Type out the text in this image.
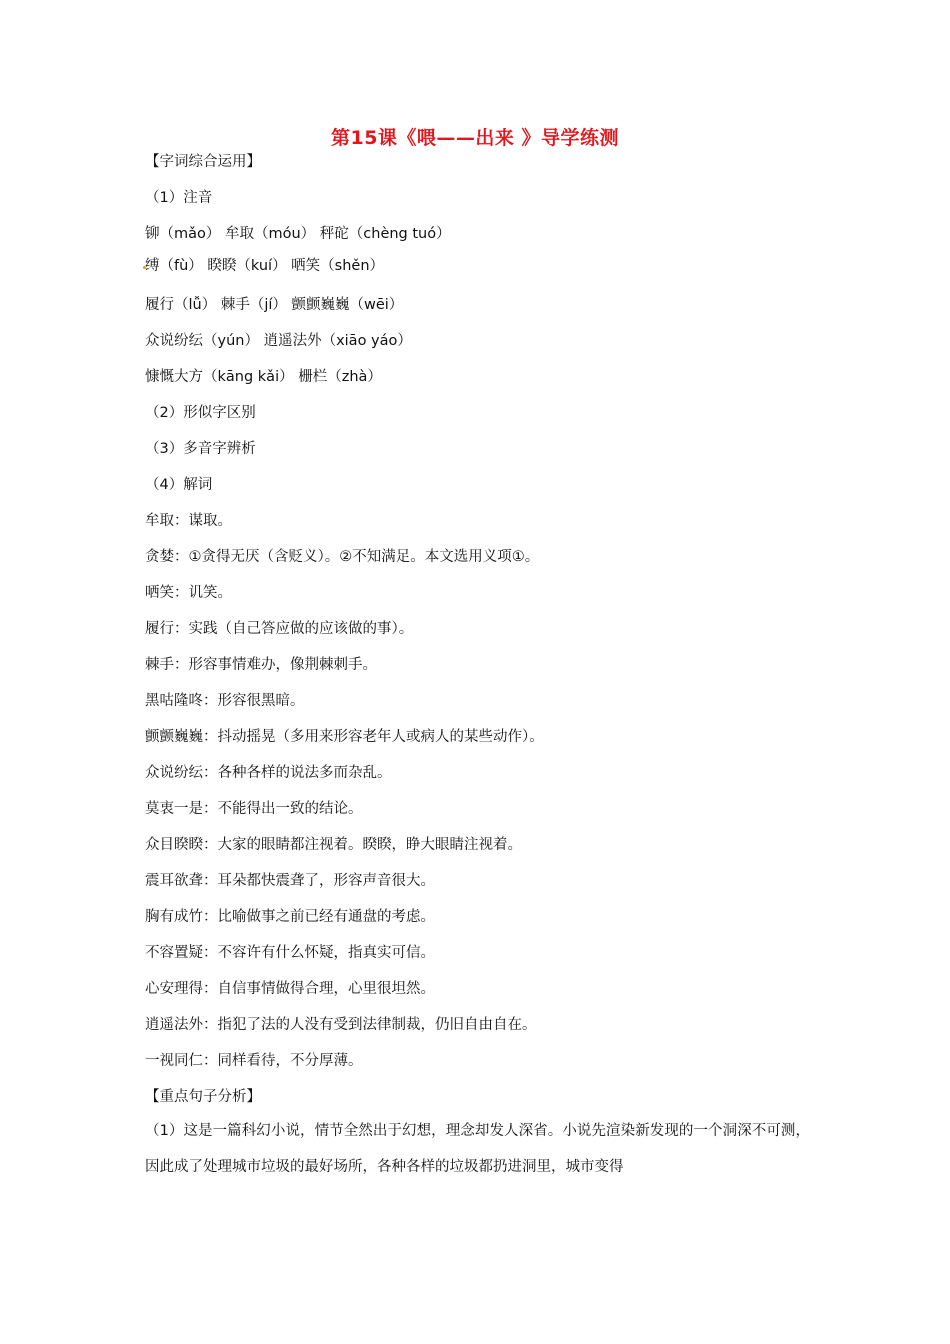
第15课《喂——出来 》导学练测
【字词综合运用】
（1）注音
铆（mǎo） 牟取（móu） 秤砣（chèng tuó）
缚（fù） 睽睽（kuí） 哂笑（shěn）
履行（lǚ） 棘手（jí） 颤颤巍巍（wēi）
众说纷纭（yún） 逍遥法外（xiāo yáo）
慷慨大方（kāng kǎi） 栅栏（zhà）
（2）形似字区别
（3）多音字辨析
（4）解词
牟取：谋取。
贪婪：①贪得无厌（含贬义）。②不知满足。本文选用义项①。
哂笑：讥笑。
履行：实践（自己答应做的应该做的事）。
棘手：形容事情难办，像荆棘刺手。
黑咕隆咚：形容很黑暗。
颤颤巍巍：抖动摇晃（多用来形容老年人或病人的某些动作）。
众说纷纭：各种各样的说法多而杂乱。
莫衷一是：不能得出一致的结论。
众目睽睽：大家的眼睛都注视着。睽睽，睁大眼睛注视着。
震耳欲聋：耳朵都快震聋了，形容声音很大。
胸有成竹：比喻做事之前已经有通盘的考虑。
不容置疑：不容许有什么怀疑，指真实可信。
心安理得：自信事情做得合理，心里很坦然。
逍遥法外：指犯了法的人没有受到法律制裁，仍旧自由自在。
一视同仁：同样看待，不分厚薄。
【重点句子分析】
（1）这是一篇科幻小说，情节全然出于幻想，理念却发人深省。小说先渲染新发现的一个洞深不可测，因此成了处理城市垃圾的最好场所，各种各样的垃圾都扔进洞里，城市变得
